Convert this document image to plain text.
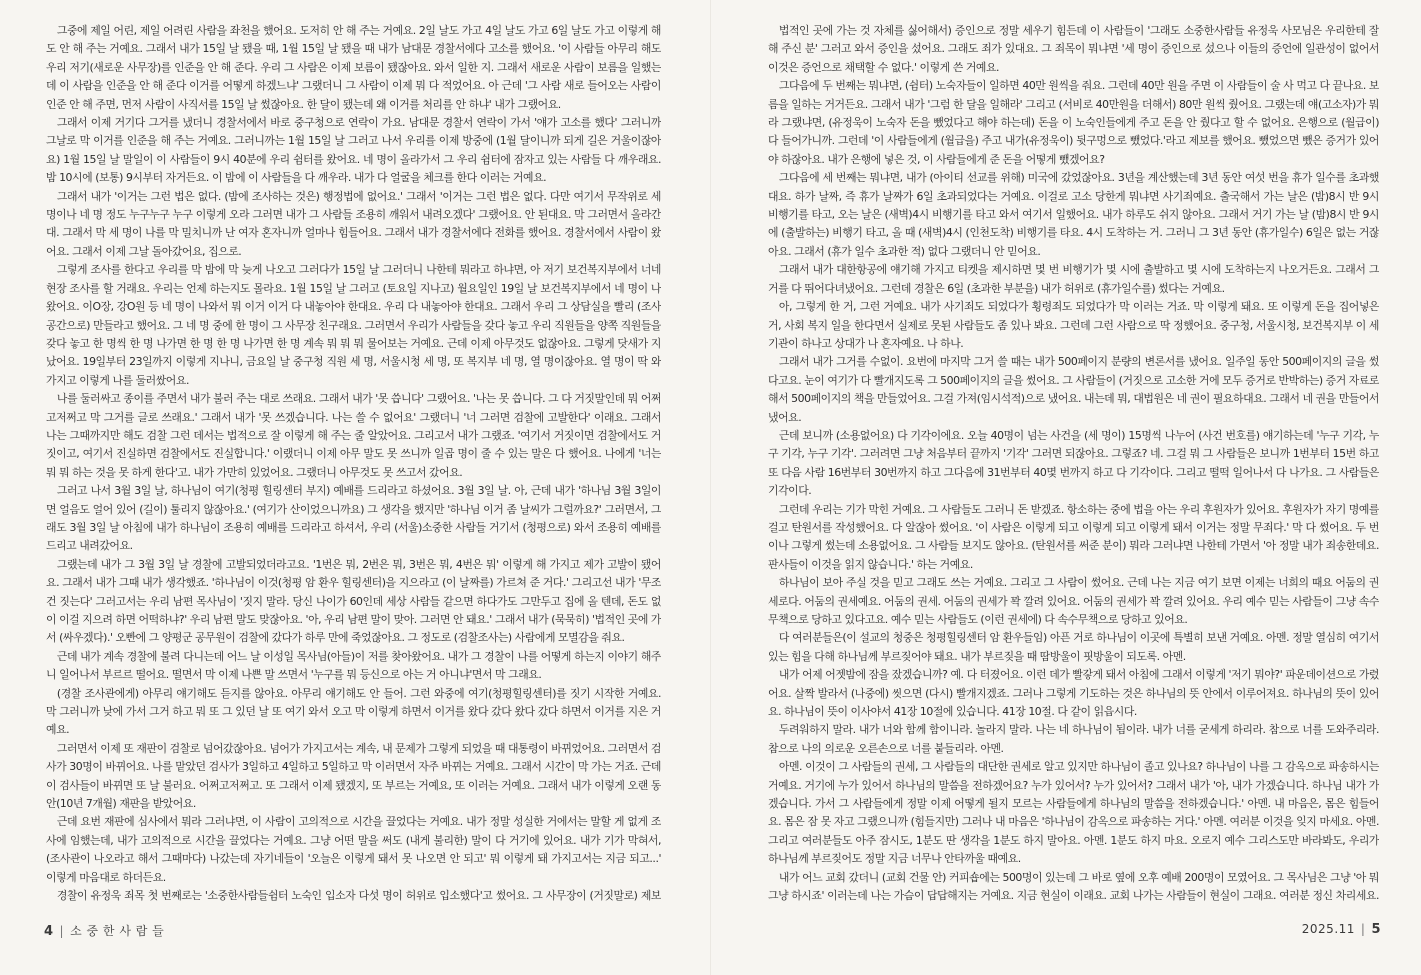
그중에 제일 어린, 제일 어려린 사람을 좌천을 했어요. 도저히 안 해 주는 거예요. 2일 날도 가고 4일 날도 가고 6일 날도 가고 이렇게 해도 안 해 주는 거예요. 그래서 내가 15일 날 됐을 때, 1월 15일 날 됐을 때 내가 남대문 경찰서에다 고소를 했어요. '이 사람들 아무리 해도 우리 저기(새로운 사무장)를 인준을 안 해 준다. 우리 그 사람은 이제 보름이 됐잖아요. 와서 일한 지. 그래서 새로운 사람이 보름을 일했는데 이 사람을 인준을 안 해 준다 이거를 어떻게 하겠느냐' 그랬더니 그 사람이 이제 뭐 다 적었어요. 아 근데 '그 사람 새로 들어오는 사람이 인준 안 해 주면, 먼저 사람이 사직서를 15일 날 썼잖아요. 한 달이 됐는데 왜 이거를 처리를 안 하냐' 내가 그랬어요.

그래서 이제 거기다 그거를 냈더니 경찰서에서 바로 중구청으로 연락이 가요. 남대문 경찰서 연락이 가서 '얘가 고소를 했다' 그러니까 그날로 막 이거를 인준을 해 주는 거예요. 그러니까는 1월 15일 날 그러고 나서 우리를 이제 방중에 (1월 달이니까 되게 길은 거울이잖아요) 1월 15일 날 말일이 이 사람들이 9시 40분에 우리 쉼터를 왔어요. 네 명이 올라가서 그 우리 쉼터에 잠자고 있는 사람들 다 깨우래요. 밤 10시에 (보통) 9시부터 자거든요. 이 밤에 이 사람들을 다 깨우라. 내가 다 얼굴을 체크를 한다 이러는 거예요.

그래서 내가 '이거는 그런 법은 없다. (밤에 조사하는 것은) 행정법에 없어요.' 그래서 '이거는 그런 법은 없다. 다만 여기서 무작위로 세 명이나 네 명 정도 누구누구 누구 이렇게 오라 그러면 내가 그 사람들 조용히 깨워서 내려오겠다' 그랬어요. 안 된대요. 막 그러면서 올라간대. 그래서 막 세 명이 나를 막 밀치니까 난 여자 혼자니까 얼마나 힘들어요. 그래서 내가 경찰서에다 전화를 했어요. 경찰서에서 사람이 왔어요. 그래서 이제 그날 돌아갔어요, 집으로.

그렇게 조사를 한다고 우리를 막 밤에 막 늦게 나오고 그러다가 15일 날 그러더니 나한테 뭐라고 하냐면, 아 저기 보건복지부에서 너네 현장 조사를 할 거래요. 우리는 언제 하는지도 몰라요. 1월 15일 날 그러고 (토요일 지나고) 월요일인 19일 날 보건복지부에서 네 명이 나왔어요. 이O장, 강O원 등 네 명이 나와서 뭐 이거 이거 다 내놓아야 한대요. 우리 다 내놓아야 한대요. 그래서 우리 그 상담실을 빨리 (조사 공간으로) 만들라고 했어요. 그 네 명 중에 한 명이 그 사무장 친구래요. 그러면서 우리가 사람들을 갖다 놓고 우리 직원들을 양쪽 직원들을 갖다 놓고 한 명씩 한 명 나가면 한 명 한 명 나가면 한 명 계속 뭐 뭐 뭐 물어보는 거예요. 근데 이제 아무것도 없잖아요. 그렇게 닷새가 지났어요. 19일부터 23일까지 이렇게 지나니, 금요일 날 중구청 직원 세 명, 서울시청 세 명, 또 복지부 네 명, 열 명이잖아요. 열 명이 딱 와 가지고 이렇게 나를 둘러쌌어요.

나를 둘러싸고 종이를 주면서 내가 불러 주는 대로 쓰래요. 그래서 내가 '못 씁니다' 그랬어요. '나는 못 씁니다. 그 다 거짓말인데 뭐 어쩌고저쩌고 막 그거를 글로 쓰래요.' 그래서 내가 '못 쓰겠습니다. 나는 쓸 수 없어요' 그랬더니 '너 그러면 검찰에 고발한다' 이래요. 그래서 나는 그때까지만 해도 검찰 그런 데서는 법적으로 잘 이렇게 해 주는 줄 알았어요. 그리고서 내가 그랬죠. '여기서 거짓이면 검찰에서도 거짓이고, 여기서 진실하면 검찰에서도 진실합니다.' 이랬더니 이제 아무 말도 못 쓰니까 일곱 명이 줄 수 있는 말은 다 했어요. 나에게 '너는 뭐 뭐 하는 것을 못 하게 한다'고. 내가 가만히 있었어요. 그랬더니 아무것도 못 쓰고서 갔어요.

그러고 나서 3월 3일 날, 하나님이 여기(청평 힐링센터 부지) 예배를 드리라고 하셨어요. 3월 3일 날. 아, 근데 내가 '하나님 3월 3일이면 얼음도 얼어 있어 (길이) 툴리지 않잖아요.' (여기가 산이었으니까요) 그 생각을 했지만 '하나님 이거 좀 날씨가 그럴까요?' 그러면서, 그래도 3월 3일 날 아침에 내가 하나님이 조용히 예배를 드리라고 하셔서, 우리 (서울)소중한 사람들 거기서 (청평으로) 와서 조용히 예배를 드리고 내려갔어요.

그랬는데 내가 그 3월 3일 날 경찰에 고발되었더라고요. '1번은 뭐, 2번은 뭐, 3번은 뭐, 4번은 뭐' 이렇게 해 가지고 제가 고발이 됐어요. 그래서 내가 그때 내가 생각했죠. '하나님이 이것(청평 암 환우 힐링센터)을 지으라고 (이 날짜를) 가르쳐 준 거다.' 그리고선 내가 '무조건 짓는다' 그러고서는 우리 남편 목사님이 '짓지 말라. 당신 나이가 60인데 세상 사람들 같으면 하다가도 그만두고 집에 올 텐데, 돈도 없이 이걸 지으려 하면 어떡하냐?' 우리 남편 말도 맞잖아요. '아, 우리 남편 말이 맞아. 그러면 안 돼요.' 그래서 내가 (묵묵히) '법적인 곳에 가서 (싸우겠다).' 오빤에 그 양평군 공무원이 검찰에 갔다가 하루 만에 죽었잖아요. 그 정도로 (검찰조사는) 사람에게 모멸감을 줘요.

근데 내가 계속 경찰에 불려 다니는데 어느 날 이성일 목사님(아들)이 저를 찾아왔어요. 내가 그 경찰이 나를 어떻게 하는지 이야기 해주니 일어나서 부르르 떨어요. 떨면서 막 이제 나쁜 말 쓰면서 '누구를 뭐 등신으로 아는 거 아니냐'면서 막 그래요.

(경찰 조사관에게) 아무리 얘기해도 듣지를 않아요. 아무리 얘기해도 안 들어. 그런 와중에 여기(청평힐링센터)를 짓기 시작한 거예요. 막 그러니까 낮에 가서 그거 하고 뭐 또 그 있던 날 또 여기 와서 오고 막 이렇게 하면서 이거를 왔다 갔다 왔다 갔다 하면서 이거를 지은 거예요.

그러면서 이제 또 재판이 검찰로 넘어갔잖아요. 넘어가 가지고서는 계속, 내 문제가 그렇게 되었을 때 대통령이 바뀌었어요. 그러면서 검사가 30명이 바뀌어요. 나를 맡았던 검사가 3일하고 4일하고 5일하고 막 이러면서 자주 바뀌는 거예요. 그래서 시간이 막 가는 거죠. 근데 이 검사들이 바뀌면 또 날 불러요. 어쩌고저쩌고. 또 그래서 이제 됐겠지, 또 부르는 거예요, 또 이러는 거예요. 그래서 내가 이렇게 오랜 동안(10년 7개월) 재판을 받았어요.

근데 요번 재판에 심사에서 뭐라 그러냐면, 이 사람이 고의적으로 시간을 끌었다는 거예요. 내가 정말 성실한 거에서는 말할 게 없게 조사에 임했는데, 내가 고의적으로 시간을 끌었다는 거예요. 그냥 어떤 말을 써도 (내게 불리한) 말이 다 거기에 있어요. 내가 기가 막혀서, (조사관이 나오라고 해서 그때마다) 나갔는데 자기네들이 '오늘은 이렇게 돼서 못 나오면 안 되고' 뭐 이렇게 돼 가지고서는 지금 되고...' 이렇게 마음대로 하더든요.

경찰이 유정욱 죄목 첫 번째로는 '소중한사람들쉼터 노숙인 입소자 다섯 명이 허위로 입소했다'고 썼어요. 그 사무장이 (거짓말로) 제보

4 | 소 중 한 사 람 들

법적인 곳에 가는 것 자체를 싫어해서) 증인으로 정말 세우기 힘든데 이 사람들이 '그래도 소중한사람들 유정욱 사모님은 우리한테 잘해 주신 분' 그러고 와서 증인을 섰어요. 그래도 죄가 있대요. 그 죄목이 뭐냐면 '세 명이 증인으로 섰으나 이들의 증언에 일관성이 없어서 이것은 증언으로 채택할 수 없다.' 이렇게 쓴 거예요.

그다음에 두 번째는 뭐냐면, (쉼터) 노숙자들이 일하면 40만 원씩을 줘요. 그런데 40만 원을 주면 이 사람들이 술 사 먹고 다 끝나요. 보름을 일하는 거거든요. 그래서 내가 '그럼 한 달을 일해라' 그리고 (서비로 40만원을 더해서) 80만 원씩 줬어요. 그랬는데 얘(고소자)가 뭐라 그랬냐면, (유정욱이 노숙자 돈을 뺐었다고 해야 하는데) 돈을 이 노숙인들에게 주고 돈을 안 줬다고 할 수 없어요. 은행으로 (월급이) 다 들어가니까. 그런데 '이 사람들에게 (월급을) 주고 내가(유정욱이) 뒷구멍으로 뺐었다.'라고 제보를 했어요. 뺐었으면 뺐은 증거가 있어야 하잖아요. 내가 은행에 넣은 것, 이 사람들에게 준 돈을 어떻게 뺐겠어요?

그다음에 세 번째는 뭐냐면, 내가 (아이티 선교를 위해) 미국에 갔었잖아요. 3년을 계산했는데 3년 동안 여섯 번을 휴가 일수를 초과했대요. 하가 날짜, 즉 휴가 날짜가 6일 초과되었다는 거예요. 이걸로 고소 당한게 뭐냐면 사기죄예요. 출국해서 가는 날은 (밤)8시 반 9시 비행기를 타고, 오는 날은 (새벽)4시 비행기를 타고 와서 여기서 일했어요. 내가 하루도 쉬지 않아요. 그래서 거기 가는 날 (밤)8시 반 9시에 (출발하는) 비행기 타고, 올 때 (새벽)4시 (인천도착) 비행기를 타요. 4시 도착하는 거. 그러니 그 3년 동안 (휴가일수) 6일은 없는 거잖아요. 그래서 (휴가 일수 초과한 적) 없다 그랬더니 안 믿어요.

그래서 내가 대한항공에 얘기해 가지고 티켓을 제시하면 몇 번 비행기가 몇 시에 출발하고 몇 시에 도착하는지 나오거든요. 그래서 그거를 다 뛰어다녀냈어요. 그런데 경찰은 6일 (초과한 부분을) 내가 허위로 (휴가일수를) 썼다는 거예요.

아, 그렇게 한 거, 그런 거예요. 내가 사기죄도 되었다가 횡령죄도 되었다가 막 이러는 거죠. 막 이렇게 돼요. 또 이렇게 돈을 집어넣은 거, 사회 복지 일을 한다면서 실제로 못된 사람들도 좀 있나 봐요. 그런데 그런 사람으로 딱 정했어요. 중구청, 서울시청, 보건복지부 이 세 기관이 하나고 상대가 나 혼자예요. 나 하나.

그래서 내가 그거를 수없이. 요번에 마지막 그거 쓸 때는 내가 500페이지 분량의 변론서를 냈어요. 일주일 동안 500페이지의 글을 썼다고요. 눈이 여기가 다 빨개지도록 그 500페이지의 글을 썼어요. 그 사람들이 (거짓으로 고소한 거에 모두 증거로 반박하는) 증거 자료로 해서 500페이지의 책을 만들었어요. 그걸 가져(임시석적)으로 냈어요. 내는데 뭐, 대법원은 네 권이 필요하대요. 그래서 네 권을 만들어서 냈어요.

근데 보니까 (소용없어요) 다 기각이에요. 오늘 40명이 넘는 사건을 (세 명이) 15명씩 나누어 (사건 번호를) 얘기하는데 '누구 기각, 누구 기각, 누구 기각'. 그러려면 그냥 처음부터 끝까지 '기각' 그러면 되잖아요. 그렇죠? 네. 그걸 뭐 그 사람들은 보니까 1번부터 15번 하고 또 다음 사람 16번부터 30번까지 하고 그다음에 31번부터 40몇 번까지 하고 다 기각이다. 그리고 떨떡 일어나서 다 나가요. 그 사람들은 기각이다.

그런데 우리는 기가 막힌 거예요. 그 사람들도 그러니 돈 받겠죠. 항소하는 중에 법을 아는 우리 후원자가 있어요. 후원자가 자기 명예를 걸고 탄원서를 작성했어요. 다 알잖아 썼어요. '이 사람은 이렇게 되고 이렇게 되고 이렇게 돼서 이거는 정말 무죄다.' 막 다 썼어요. 두 번이나 그렇게 썼는데 소용없어요. 그 사람들 보지도 않아요. (탄원서를 써준 분이) 뭐라 그러냐면 나한테 가면서 '아 정말 내가 죄송한데요. 판사들이 이것을 읽지 않습니다.' 하는 거예요.

하나님이 보아 주실 것을 믿고 그래도 쓰는 거예요. 그리고 그 사람이 썼어요. 근데 나는 지금 여기 보면 이제는 너희의 때요 어둠의 권세로다. 어둠의 권세예요. 어둠의 권세. 어둠의 권세가 꽉 깔려 있어요. 어둠의 권세가 꽉 깔려 있어요. 우리 예수 믿는 사람들이 그냥 속수무책으로 당하고 있다고요. 예수 믿는 사람들도 (이런 권세에) 다 속수무책으로 당하고 있어요.

다 여러분들은(이 설교의 청중은 청평힐링센터 암 환우들임) 아픈 거로 하나님이 이곳에 특별히 보낸 거예요. 아멘. 정말 열심히 여기서 있는 힘을 다해 하나님께 부르짖어야 돼요. 내가 부르짖을 때 땀방울이 핏방울이 되도록. 아멘.

내가 어제 어젯밤에 잠을 잤겠습니까? 예. 다 터졌어요. 이런 데가 빨갛게 돼서 아침에 그래서 이렇게 '저기 뭐야?' 파운데이션으로 가렸어요. 살짝 발라서 (나중에) 씻으면 (다시) 빨개지겠죠. 그러나 그렇게 기도하는 것은 하나님의 뜻 안에서 이루어져요. 하나님의 뜻이 있어요. 하나님이 뜻이 이사야서 41장 10절에 있습니다. 41장 10절. 다 같이 읽읍시다.

두려워하지 말라. 내가 너와 함께 함이니라. 놀라지 말라. 나는 네 하나님이 됨이라. 내가 너를 굳세게 하리라. 참으로 너를 도와주리라. 참으로 나의 의로운 오른손으로 너를 붙들리라. 아멘.

아멘. 이것이 그 사람들의 권세, 그 사람들의 대단한 권세로 알고 있지만 하나님이 졸고 있나요? 하나님이 나를 그 감옥으로 파송하시는 거예요. 거기에 누가 있어서 하나님의 말씀을 전하겠어요? 누가 있어서? 누가 있어서? 그래서 내가 '아, 내가 가겠습니다. 하나님 내가 가겠습니다. 가서 그 사람들에게 정말 이제 어떻게 될지 모르는 사람들에게 하나님의 말씀을 전하겠습니다.' 아멘. 내 마음은, 몸은 힘들어요. 몸은 잠 못 자고 그랬으니까 (힘들지만) 그러나 내 마음은 '하나님이 감옥으로 파송하는 거다.' 아멘. 여러분 이것을 잊지 마세요. 아멘. 그리고 여러분들도 아주 잠시도, 1분도 딴 생각을 1분도 하지 말아요. 아멘. 1분도 하지 마요. 오로지 예수 그리스도만 바라봐도, 우리가 하나님께 부르짖어도 정말 지금 너무나 안타까울 때예요.

내가 어느 교회 갔더니 (교회 건물 안) 커피숍에는 500명이 있는데 그 바로 옆에 오후 예배 200명이 모였어요. 그 목사님은 그냥 '아 뭐 그냥 하시죠' 이러는데 나는 가슴이 답답해지는 거예요. 지금 현실이 이래요. 교회 나가는 사람들이 현실이 그래요. 여러분 정신 차리세요.

2025.11 | 5
